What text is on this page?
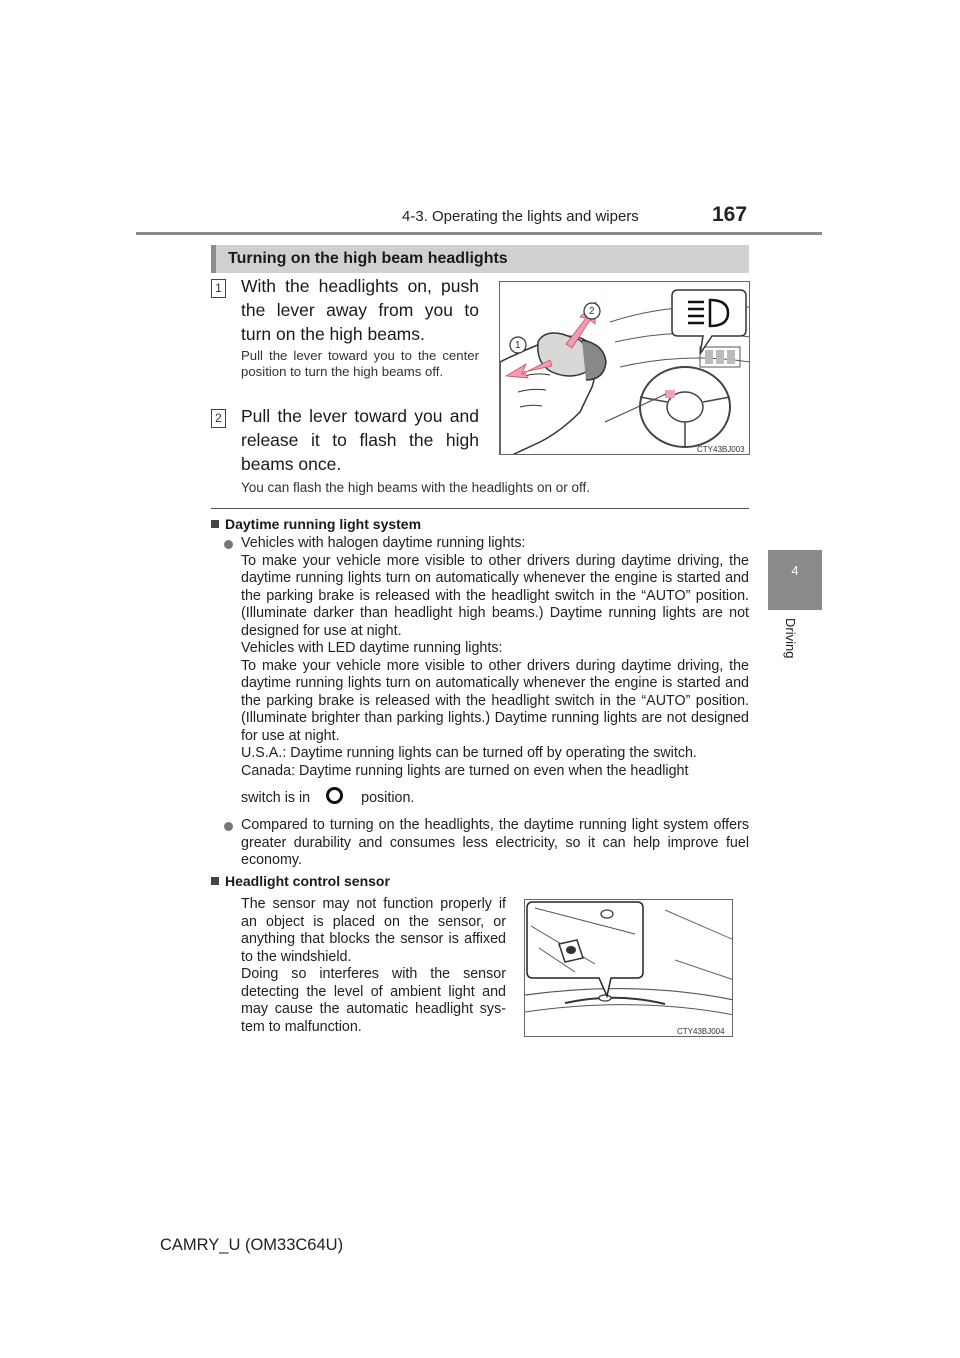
4-3. Operating the lights and wipers	167
4
Driving
Turning on the high beam headlights
1 With the headlights on, push the lever away from you to turn on the high beams.
Pull the lever toward you to the center position to turn the high beams off.
2 Pull the lever toward you and release it to flash the high beams once.
1
2
CTY43BJ003
You can flash the high beams with the headlights on or off.
Daytime running light system

Vehicles with halogen daytime running lights:

To make your vehicle more visible to other drivers during daytime driving, the daytime running lights turn on automatically whenever the engine is started and the parking brake is released with the headlight switch in the “AUTO” position. (Illuminate darker than headlight high beams.) Daytime running lights are not designed for use at night.

Vehicles with LED daytime running lights:

To make your vehicle more visible to other drivers during daytime driving, the daytime running lights turn on automatically whenever the engine is started and the parking brake is released with the headlight switch in the “AUTO” position. (Illuminate brighter than parking lights.) Daytime running lights are not designed for use at night.

U.S.A.: Daytime running lights can be turned off by operating the switch.

Canada: Daytime running lights are turned on even when the headlight

switch is in	position.

Compared to turning on the headlights, the daytime running light system offers greater durability and consumes less electricity, so it can help improve fuel economy.
Headlight control sensor

The sensor may not function properly if an object is placed on the sensor, or anything that blocks the sensor is affixed to the windshield.

Doing so interferes with the sensor detecting the level of ambient light and may cause the automatic headlight sys-tem to malfunction.	CTY43BJ004
CAMRY_U (OM33C64U)
